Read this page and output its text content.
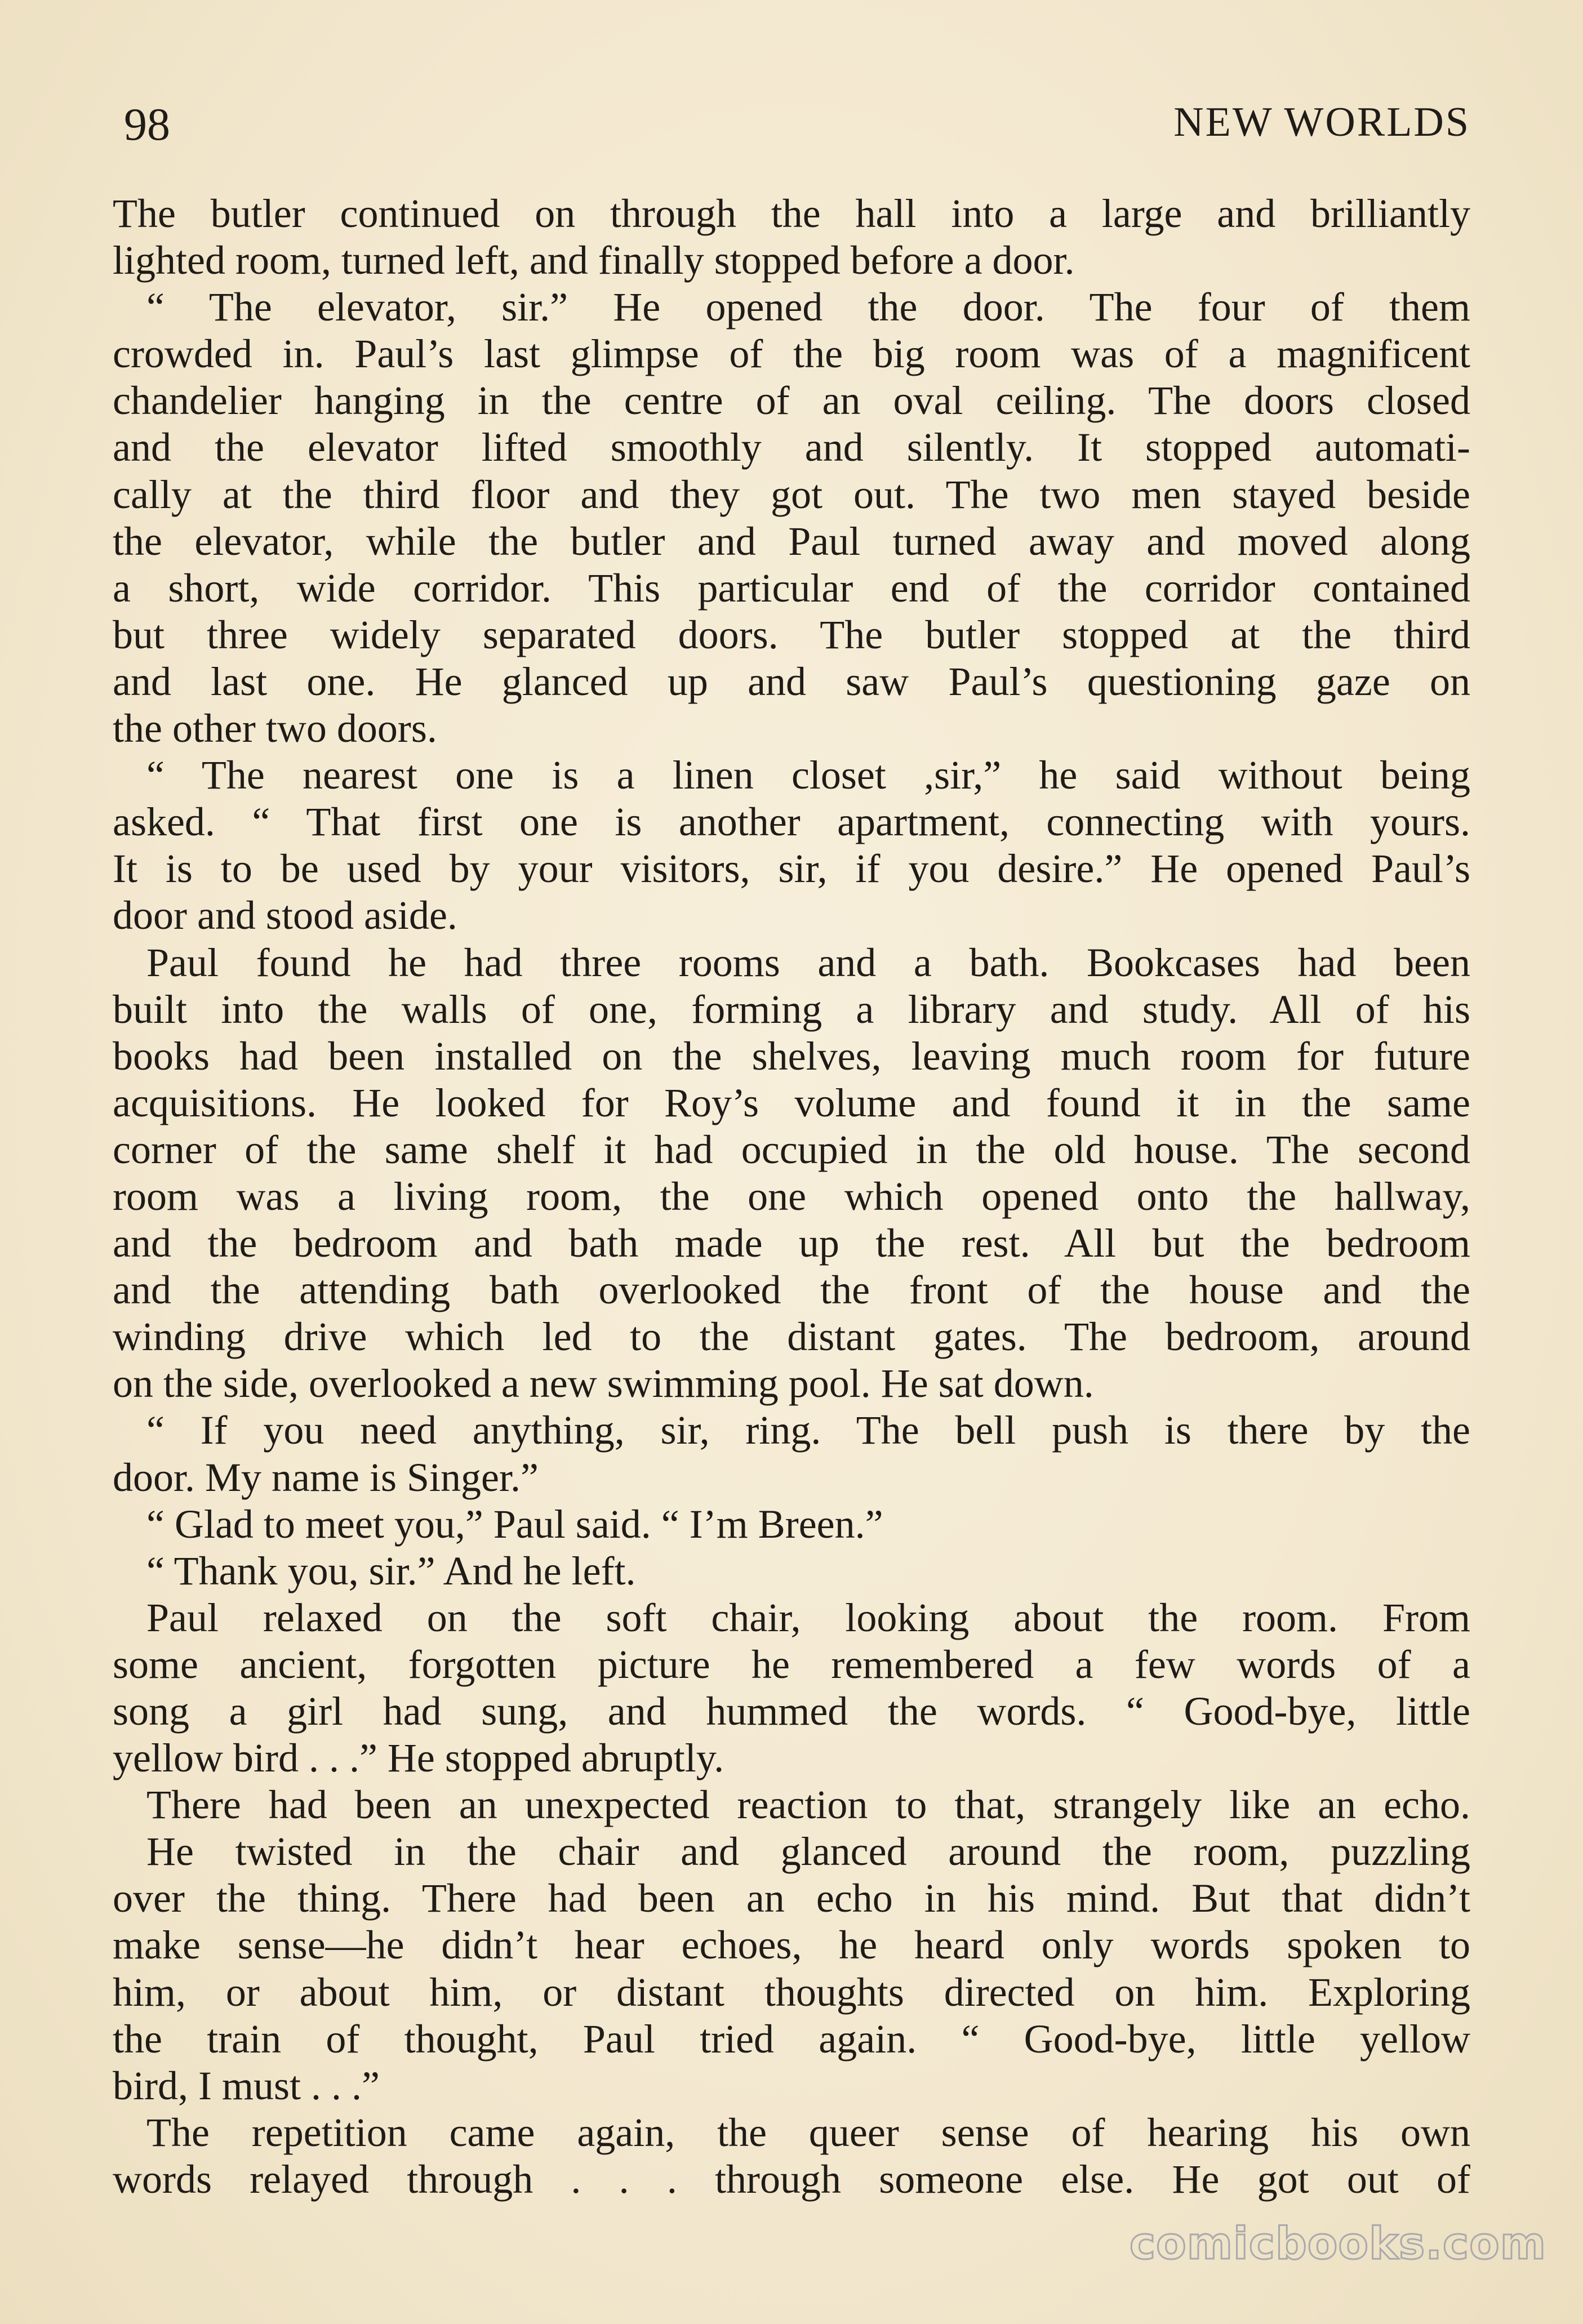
98	NEW WORLDS
The butler continued on through the hall into a large and brilliantly
lighted room, turned left, and finally stopped before a door.
“ The elevator, sir.” He opened the door. The four of them
crowded in. Paul’s last glimpse of the big room was of a magnificent
chandelier hanging in the centre of an oval ceiling. The doors closed
and the elevator lifted smoothly and silently. It stopped automati-
cally at the third floor and they got out. The two men stayed beside
the elevator, while the butler and Paul turned away and moved along
a short, wide corridor. This particular end of the corridor contained
but three widely separated doors. The butler stopped at the third
and last one. He glanced up and saw Paul’s questioning gaze on
the other two doors.
“ The nearest one is a linen closet ,sir,” he said without being
asked. “ That first one is another apartment, connecting with yours.
It is to be used by your visitors, sir, if you desire.” He opened Paul’s
door and stood aside.
Paul found he had three rooms and a bath. Bookcases had been
built into the walls of one, forming a library and study. All of his
books had been installed on the shelves, leaving much room for future
acquisitions. He looked for Roy’s volume and found it in the same
corner of the same shelf it had occupied in the old house. The second
room was a living room, the one which opened onto the hallway,
and the bedroom and bath made up the rest. All but the bedroom
and the attending bath overlooked the front of the house and the
winding drive which led to the distant gates. The bedroom, around
on the side, overlooked a new swimming pool. He sat down.
“ If you need anything, sir, ring. The bell push is there by the
door. My name is Singer.”
“ Glad to meet you,” Paul said. “ I’m Breen.”
“ Thank you, sir.” And he left.
Paul relaxed on the soft chair, looking about the room. From
some ancient, forgotten picture he remembered a few words of a
song a girl had sung, and hummed the words. “ Good-bye, little
yellow bird . . .” He stopped abruptly.
There had been an unexpected reaction to that, strangely like an echo.
He twisted in the chair and glanced around the room, puzzling
over the thing. There had been an echo in his mind. But that didn’t
make sense—he didn’t hear echoes, he heard only words spoken to
him, or about him, or distant thoughts directed on him. Exploring
the train of thought, Paul tried again. “ Good-bye, little yellow
bird, I must . . .”
The repetition came again, the queer sense of hearing his own
words relayed through . . . through someone else. He got out of
comicbooks.com
